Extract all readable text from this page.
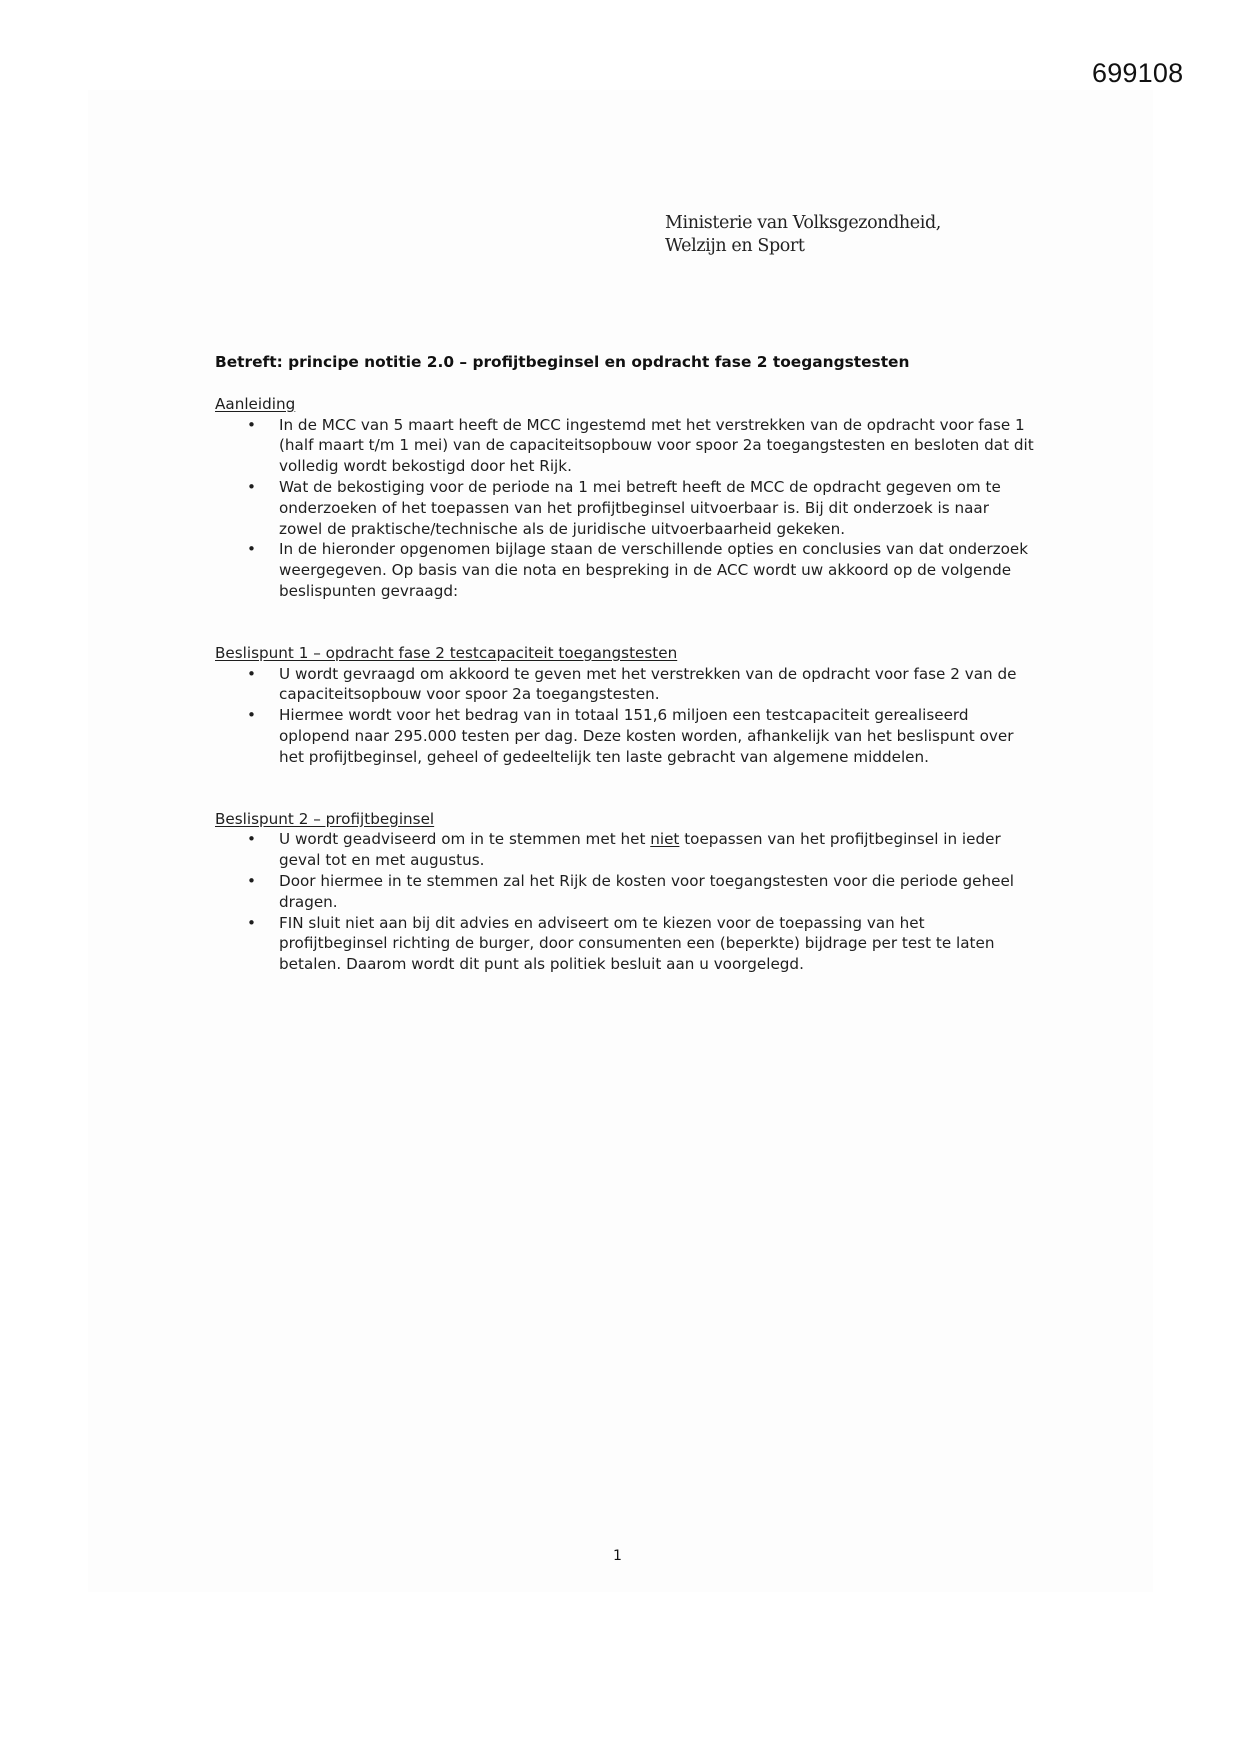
699108
Ministerie van Volksgezondheid,
Welzijn en Sport

Betreft: principe notitie 2.0 – profijtbeginsel en opdracht fase 2 toegangstesten

Aanleiding

• In de MCC van 5 maart heeft de MCC ingestemd met het verstrekken van de opdracht voor fase 1 (half maart t/m 1 mei) van de capaciteitsopbouw voor spoor 2a toegangstesten en besloten dat dit volledig wordt bekostigd door het Rijk.
• Wat de bekostiging voor de periode na 1 mei betreft heeft de MCC de opdracht gegeven om te onderzoeken of het toepassen van het profijtbeginsel uitvoerbaar is. Bij dit onderzoek is naar zowel de praktische/technische als de juridische uitvoerbaarheid gekeken.
• In de hieronder opgenomen bijlage staan de verschillende opties en conclusies van dat onderzoek weergegeven. Op basis van die nota en bespreking in de ACC wordt uw akkoord op de volgende beslispunten gevraagd:

Beslispunt 1 – opdracht fase 2 testcapaciteit toegangstesten

• U wordt gevraagd om akkoord te geven met het verstrekken van de opdracht voor fase 2 van de capaciteitsopbouw voor spoor 2a toegangstesten.
• Hiermee wordt voor het bedrag van in totaal 151,6 miljoen een testcapaciteit gerealiseerd oplopend naar 295.000 testen per dag. Deze kosten worden, afhankelijk van het beslispunt over het profijtbeginsel, geheel of gedeeltelijk ten laste gebracht van algemene middelen.

Beslispunt 2 – profijtbeginsel

• U wordt geadviseerd om in te stemmen met het niet toepassen van het profijtbeginsel in ieder geval tot en met augustus.
• Door hiermee in te stemmen zal het Rijk de kosten voor toegangstesten voor die periode geheel dragen.
• FIN sluit niet aan bij dit advies en adviseert om te kiezen voor de toepassing van het profijtbeginsel richting de burger, door consumenten een (beperkte) bijdrage per test te laten betalen. Daarom wordt dit punt als politiek besluit aan u voorgelegd.
1
